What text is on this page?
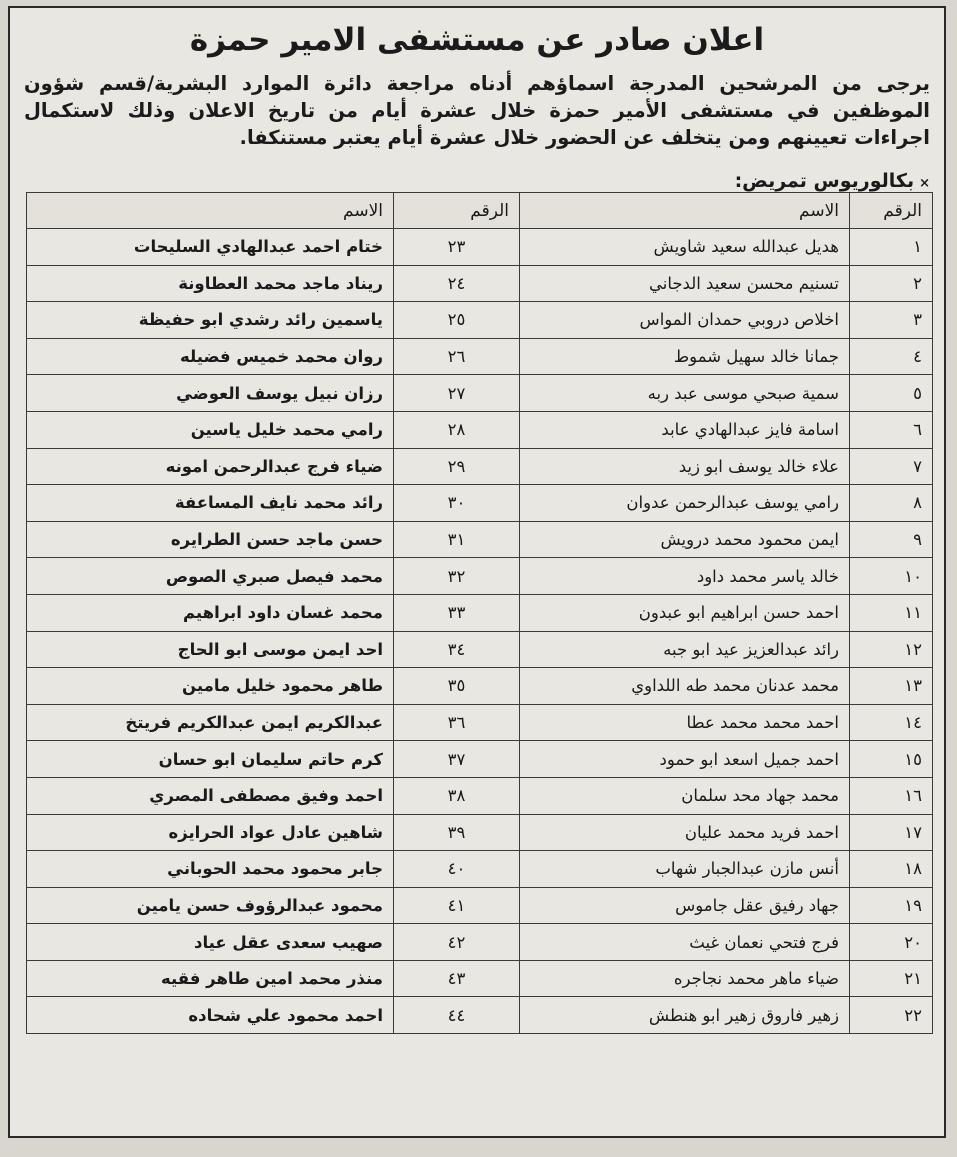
اعلان صادر عن مستشفى الامير حمزة
يرجى من المرشحين المدرجة اسماؤهم أدناه مراجعة دائرة الموارد البشرية/قسم شؤون الموظفين في مستشفى الأمير حمزة خلال عشرة أيام من تاريخ الاعلان وذلك لاستكمال اجراءات تعيينهم ومن يتخلف عن الحضور خلال عشرة أيام يعتبر مستنكفا.
×بكالوريوس تمريض:
الرقم	الاسم	الرقم	الاسم
١	هديل عبدالله سعيد شاويش	٢٣	ختام احمد عبدالهادي السليحات
٢	تسنيم محسن سعيد الدجاني	٢٤	ريناد ماجد محمد العطاونة
٣	اخلاص دروبي حمدان المواس	٢٥	ياسمين رائد رشدي ابو حفيظة
٤	جمانا خالد سهيل شموط	٢٦	روان محمد خميس فضيله
٥	سمية صبحي موسى عبد ربه	٢٧	رزان نبيل يوسف العوضي
٦	اسامة فايز عبدالهادي عابد	٢٨	رامي محمد خليل ياسين
٧	علاء خالد يوسف ابو زيد	٢٩	ضياء فرج عبدالرحمن امونه
٨	رامي يوسف عبدالرحمن عدوان	٣٠	رائد محمد نايف المساعفة
٩	ايمن محمود محمد درويش	٣١	حسن ماجد حسن الطرايره
١٠	خالد ياسر محمد داود	٣٢	محمد فيصل صبري الصوص
١١	احمد حسن ابراهيم ابو عبدون	٣٣	محمد غسان داود ابراهيم
١٢	رائد عبدالعزيز عيد ابو جبه	٣٤	احد ايمن موسى ابو الحاج
١٣	محمد عدنان محمد طه اللداوي	٣٥	طاهر محمود خليل مامين
١٤	احمد محمد محمد عطا	٣٦	عبدالكريم ايمن عبدالكريم فريتخ
١٥	احمد جميل اسعد ابو حمود	٣٧	كرم حاتم سليمان ابو حسان
١٦	محمد جهاد محد سلمان	٣٨	احمد وفيق مصطفى المصري
١٧	احمد فريد محمد عليان	٣٩	شاهين عادل عواد الحرايزه
١٨	أنس مازن عبدالجبار شهاب	٤٠	جابر محمود محمد الحوباني
١٩	جهاد رفيق عقل جاموس	٤١	محمود عبدالرؤوف حسن يامين
٢٠	فرج فتحي نعمان غيث	٤٢	صهيب سعدى عقل عياد
٢١	ضياء ماهر محمد نجاجره	٤٣	منذر محمد امين طاهر فقيه
٢٢	زهير فاروق زهير ابو هنطش	٤٤	احمد محمود علي شحاده
